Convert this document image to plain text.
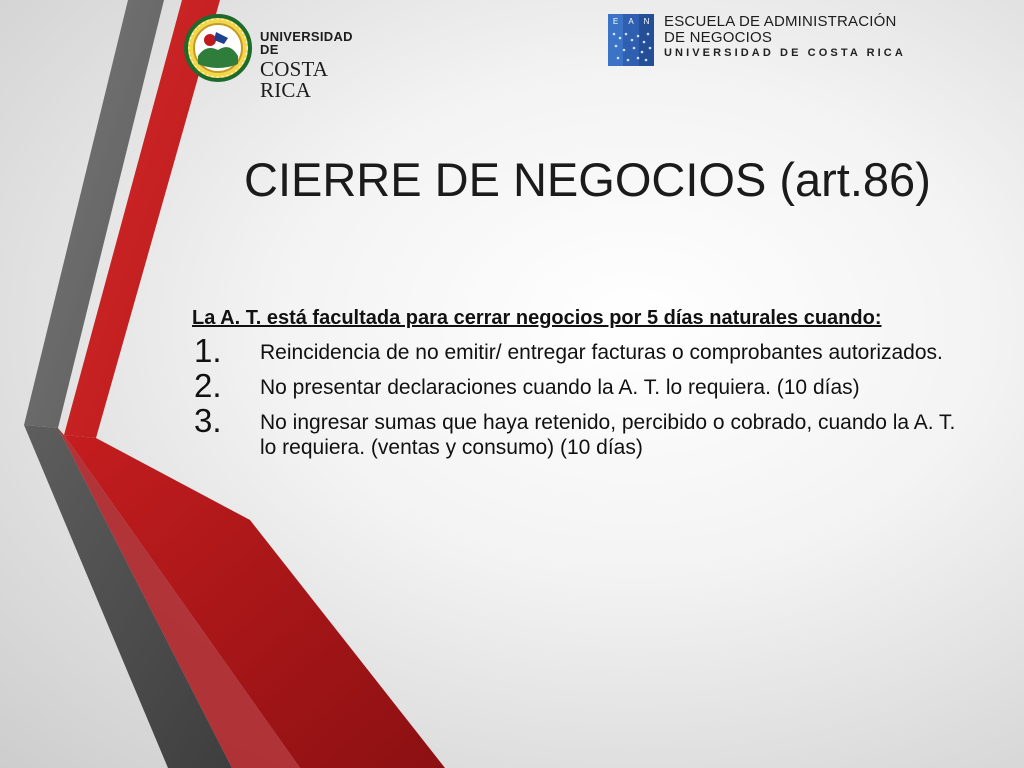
UNIVERSIDAD DE
COSTA RICA
E A N ESCUELA DE ADMINISTRACIÓN
DE NEGOCIOS
UNIVERSIDAD DE COSTA RICA
CIERRE DE NEGOCIOS (art.86)

La A. T. está facultada para cerrar negocios por 5 días naturales cuando:

1. Reincidencia de no emitir/ entregar facturas o comprobantes autorizados.
2. No presentar declaraciones cuando la A. T. lo requiera. (10 días)
3. No ingresar sumas que haya retenido, percibido o cobrado, cuando la A. T. lo requiera. (ventas y consumo) (10 días)
